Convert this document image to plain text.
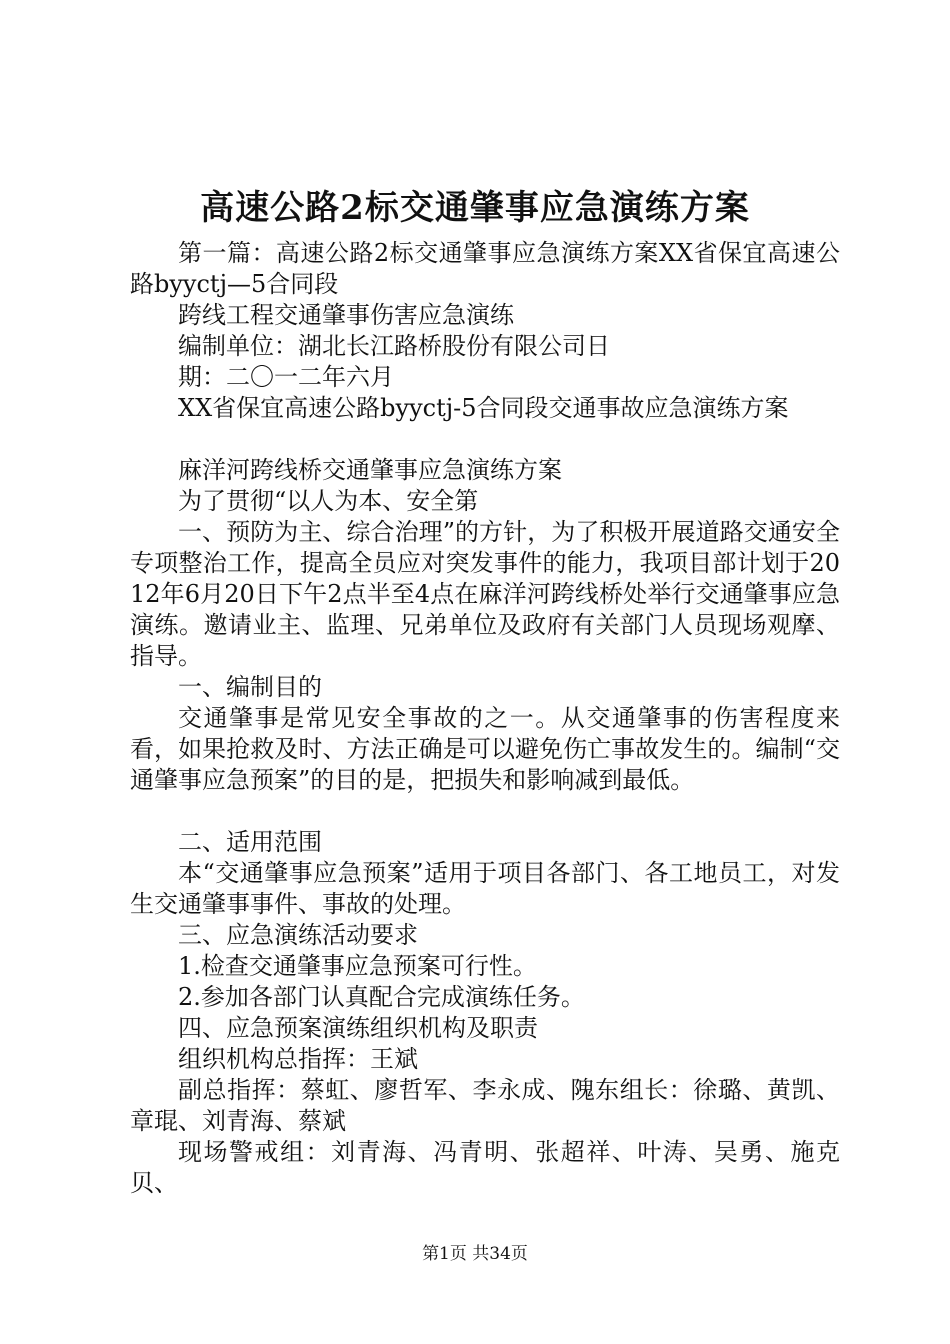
高速公路2标交通肇事应急演练方案

第一篇：高速公路2标交通肇事应急演练方案XX省保宜高速公路byyctj—5合同段

跨线工程交通肇事伤害应急演练

编制单位：湖北长江路桥股份有限公司日

期：二〇一二年六月

XX省保宜高速公路byyctj-5合同段交通事故应急演练方案

麻洋河跨线桥交通肇事应急演练方案

为了贯彻“以人为本、安全第

一、预防为主、综合治理”的方针，为了积极开展道路交通安全专项整治工作，提高全员应对突发事件的能力，我项目部计划于2012年6月20日下午2点半至4点在麻洋河跨线桥处举行交通肇事应急演练。邀请业主、监理、兄弟单位及政府有关部门人员现场观摩、指导。

一、编制目的

交通肇事是常见安全事故的之一。从交通肇事的伤害程度来看，如果抢救及时、方法正确是可以避免伤亡事故发生的。编制“交通肇事应急预案”的目的是，把损失和影响减到最低。

二、适用范围

本“交通肇事应急预案”适用于项目各部门、各工地员工，对发生交通肇事事件、事故的处理。

三、应急演练活动要求

1.检查交通肇事应急预案可行性。

2.参加各部门认真配合完成演练任务。

四、应急预案演练组织机构及职责

组织机构总指挥：王斌

副总指挥：蔡虹、廖哲军、李永成、隗东组长：徐璐、黄凯、章琨、刘青海、蔡斌

现场警戒组：刘青海、冯青明、张超祥、叶涛、吴勇、施克贝、

第1页 共34页
